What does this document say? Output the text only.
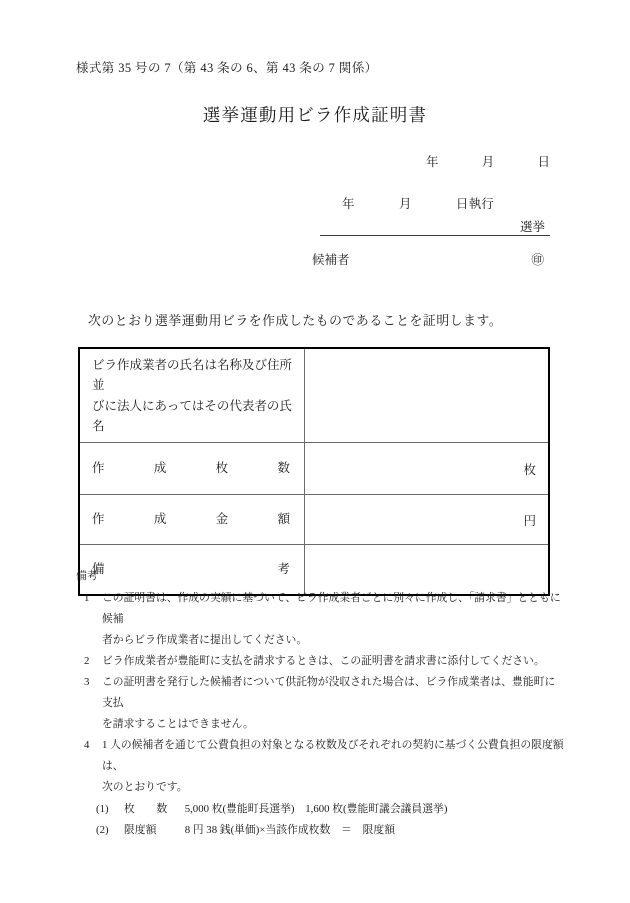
様式第 35 号の 7（第 43 条の 6、第 43 条の 7 関係）
選挙運動用ビラ作成証明書
年	月	日
年	月	日執行
選挙
候補者	㊞
次のとおり選挙運動用ビラを作成したものであることを証明します。
ビラ作成業者の氏名は名称及び住所並
びに法人にあってはその代表者の氏名	

作 成 枚 数	枚

作 成 金 額	円

備 考	

備考
1 この証明書は、作成の実績に基づいて、ビラ作成業者ごとに別々に作成し、「請求書」とともに候補
者からビラ作成業者に提出してください。
2 ビラ作成業者が豊能町に支払を請求するときは、この証明書を請求書に添付してください。
3 この証明書を発行した候補者について供託物が没収された場合は、ビラ作成業者は、豊能町に支払
を請求することはできません。
4 1 人の候補者を通じて公費負担の対象となる枚数及びそれぞれの契約に基づく公費負担の限度額は、
次のとおりです。
(1) 枚　　数 5,000 枚(豊能町長選挙)　1,600 枚(豊能町議会議員選挙)
(2) 限度額	8 円 38 銭(単価)×当該作成枚数　＝　限度額
